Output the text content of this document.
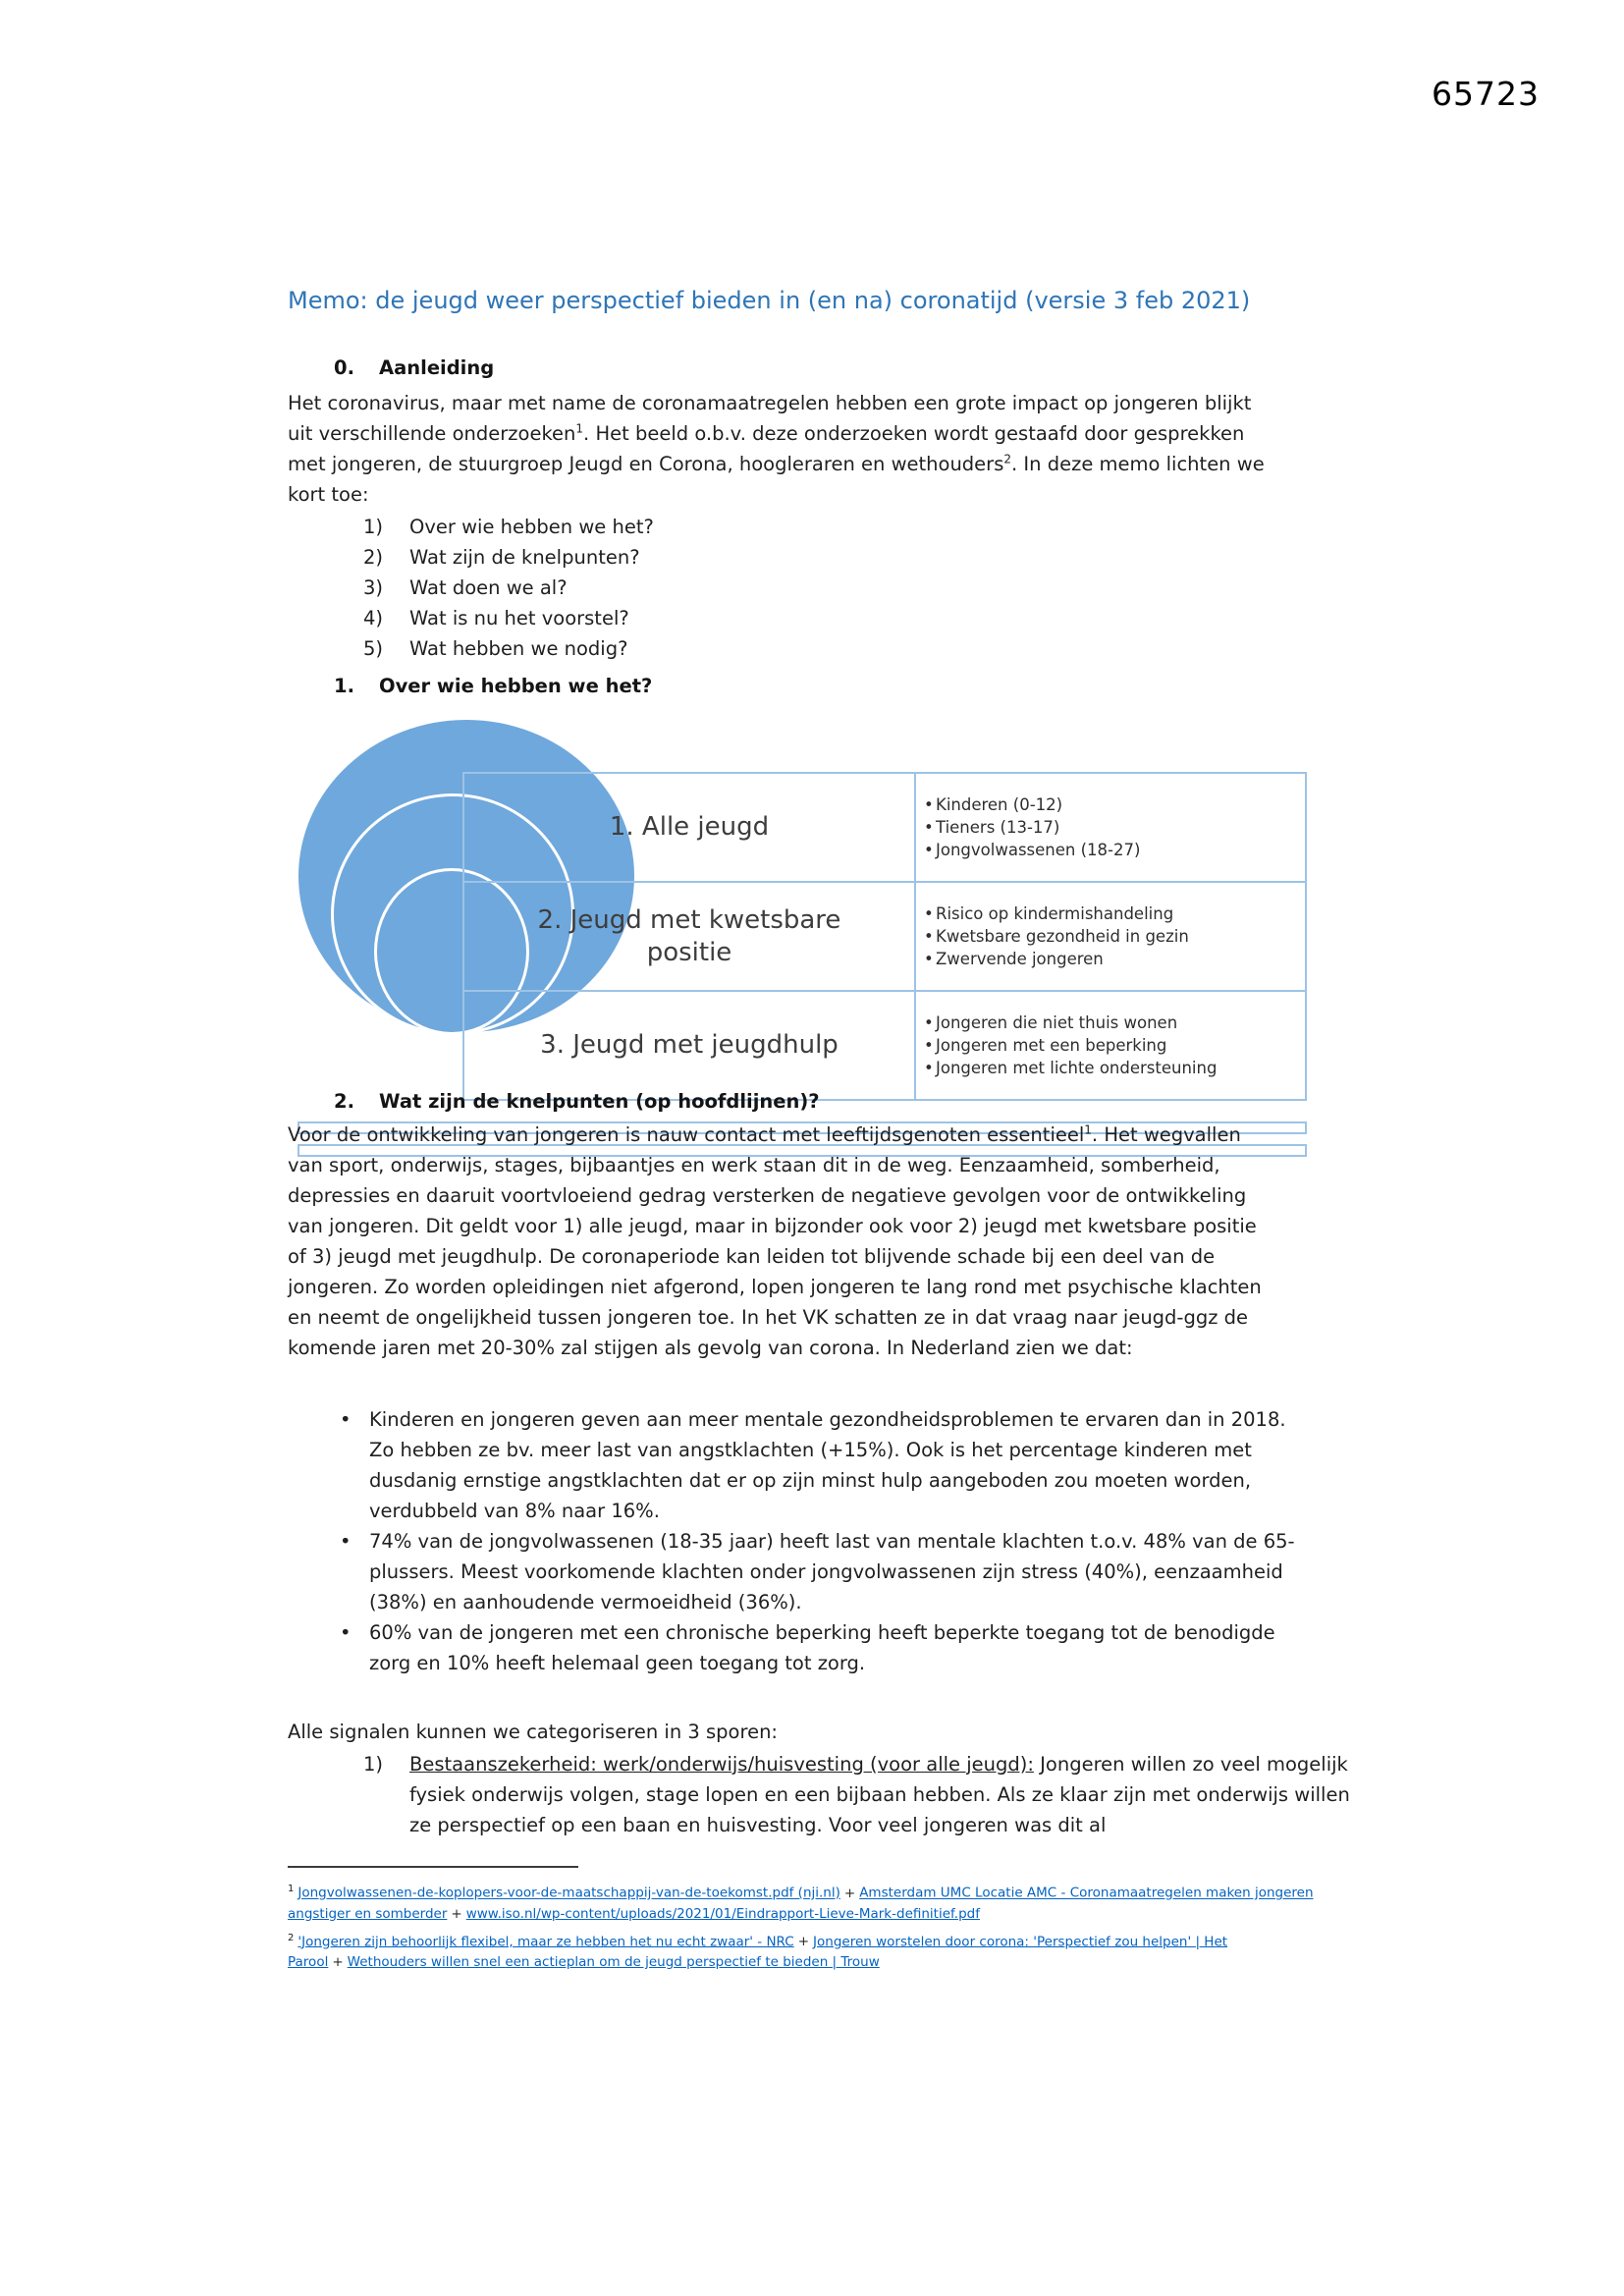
65723
Memo: de jeugd weer perspectief bieden in (en na) coronatijd (versie 3 feb 2021)
0. Aanleiding

Het coronavirus, maar met name de coronamaatregelen hebben een grote impact op jongeren blijkt uit verschillende onderzoeken$^1$. Het beeld o.b.v. deze onderzoeken wordt gestaafd door gesprekken met jongeren, de stuurgroep Jeugd en Corona, hoogleraren en wethouders$^2$. In deze memo lichten we kort toe:

1) Over wie hebben we het?
2) Wat zijn de knelpunten?
3) Wat doen we al?
4) Wat is nu het voorstel?
5) Wat hebben we nodig?
1. Over wie hebben we het?
1. Alle jeugd
• Kinderen (0-12)
• Tieners (13-17)
• Jongvolwassenen (18-27)
2. Jeugd met kwetsbare positie
• Risico op kindermishandeling
• Kwetsbare gezondheid in gezin
• Zwervende jongeren
3. Jeugd met jeugdhulp
• Jongeren die niet thuis wonen
• Jongeren met een beperking
• Jongeren met lichte ondersteuning
2. Wat zijn de knelpunten (op hoofdlijnen)?

Voor de ontwikkeling van jongeren is nauw contact met leeftijdsgenoten essentieel$^1$. Het wegvallen van sport, onderwijs, stages, bijbaantjes en werk staan dit in de weg. Eenzaamheid, somberheid, depressies en daaruit voortvloeiend gedrag versterken de negatieve gevolgen voor de ontwikkeling van jongeren. Dit geldt voor 1) alle jeugd, maar in bijzonder ook voor 2) jeugd met kwetsbare positie of 3) jeugd met jeugdhulp. De coronaperiode kan leiden tot blijvende schade bij een deel van de jongeren. Zo worden opleidingen niet afgerond, lopen jongeren te lang rond met psychische klachten en neemt de ongelijkheid tussen jongeren toe. In het VK schatten ze in dat vraag naar jeugd-ggz de komende jaren met 20-30% zal stijgen als gevolg van corona. In Nederland zien we dat:

• Kinderen en jongeren geven aan meer mentale gezondheidsproblemen te ervaren dan in 2018. Zo hebben ze bv. meer last van angstklachten (+15%). Ook is het percentage kinderen met dusdanig ernstige angstklachten dat er op zijn minst hulp aangeboden zou moeten worden, verdubbeld van 8% naar 16%.
• 74% van de jongvolwassenen (18-35 jaar) heeft last van mentale klachten t.o.v. 48% van de 65-plussers. Meest voorkomende klachten onder jongvolwassenen zijn stress (40%), eenzaamheid (38%) en aanhoudende vermoeidheid (36%).
• 60% van de jongeren met een chronische beperking heeft beperkte toegang tot de benodigde zorg en 10% heeft helemaal geen toegang tot zorg.

Alle signalen kunnen we categoriseren in 3 sporen:

1) Bestaanszekerheid: werk/onderwijs/huisvesting (voor alle jeugd): Jongeren willen zo veel mogelijk fysiek onderwijs volgen, stage lopen en een bijbaan hebben. Als ze klaar zijn met onderwijs willen ze perspectief op een baan en huisvesting. Voor veel jongeren was dit al

$^1$ Jongvolwassenen-de-koplopers-voor-de-maatschappij-van-de-toekomst.pdf (nji.nl) + Amsterdam UMC Locatie AMC - Coronamaatregelen maken jongeren angstiger en somberder + www.iso.nl/wp-content/uploads/2021/01/Eindrapport-Lieve-Mark-definitief.pdf

$^2$ 'Jongeren zijn behoorlijk flexibel, maar ze hebben het nu echt zwaar' - NRC + Jongeren worstelen door corona: 'Perspectief zou helpen' | Het Parool + Wethouders willen snel een actieplan om de jeugd perspectief te bieden | Trouw
